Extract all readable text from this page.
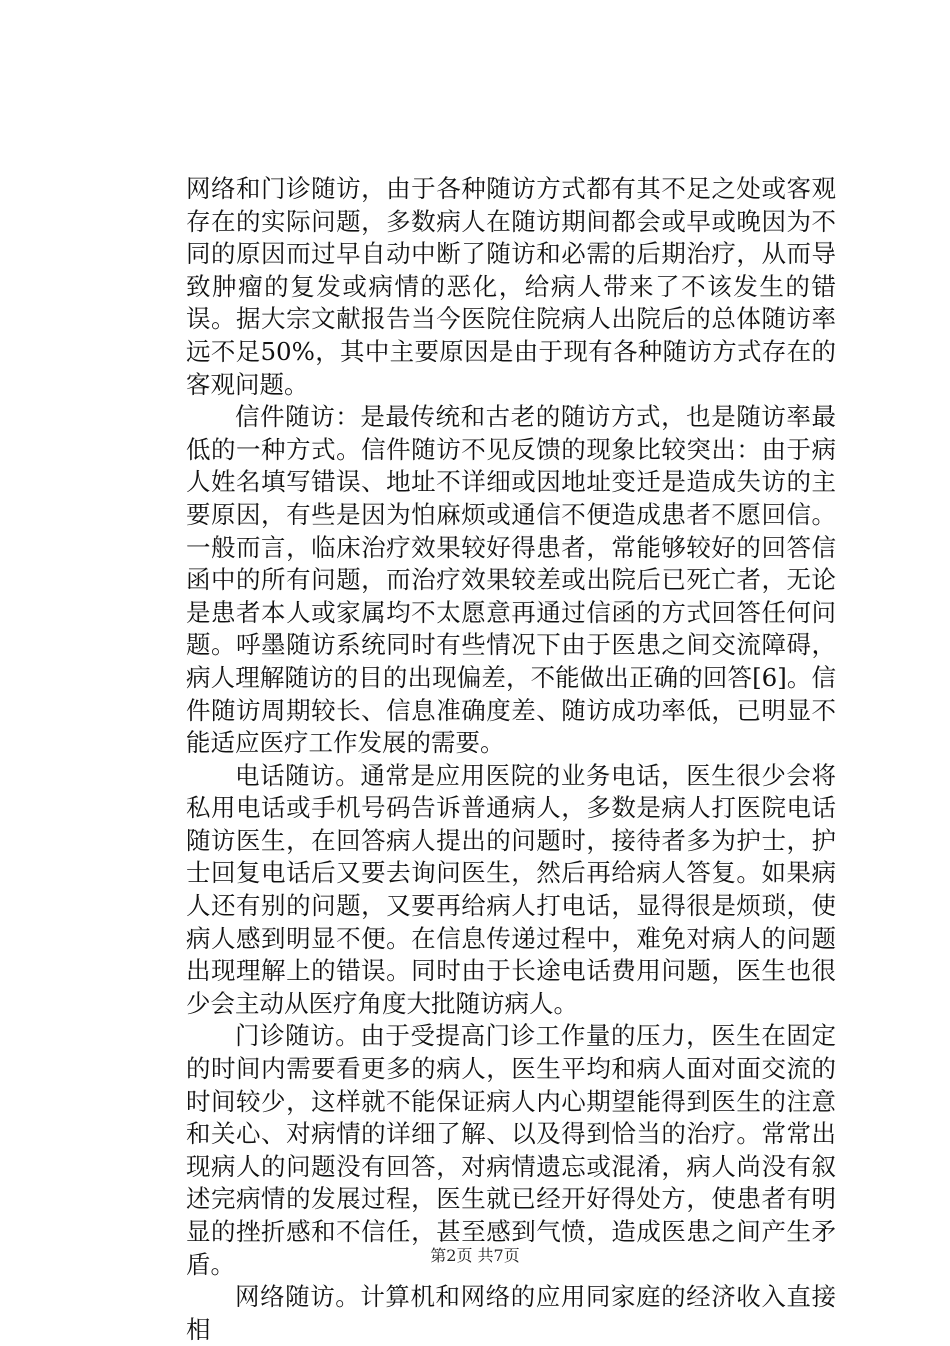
网络和门诊随访，由于各种随访方式都有其不足之处或客观存在的实际问题，多数病人在随访期间都会或早或晚因为不同的原因而过早自动中断了随访和必需的后期治疗，从而导致肿瘤的复发或病情的恶化，给病人带来了不该发生的错误。据大宗文献报告当今医院住院病人出院后的总体随访率远不足50%，其中主要原因是由于现有各种随访方式存在的客观问题。

信件随访：是最传统和古老的随访方式，也是随访率最低的一种方式。信件随访不见反馈的现象比较突出：由于病人姓名填写错误、地址不详细或因地址变迁是造成失访的主要原因，有些是因为怕麻烦或通信不便造成患者不愿回信。一般而言，临床治疗效果较好得患者，常能够较好的回答信函中的所有问题，而治疗效果较差或出院后已死亡者，无论是患者本人或家属均不太愿意再通过信函的方式回答任何问题。呼墨随访系统同时有些情况下由于医患之间交流障碍，病人理解随访的目的出现偏差，不能做出正确的回答[6]。信件随访周期较长、信息准确度差、随访成功率低，已明显不能适应医疗工作发展的需要。

电话随访。通常是应用医院的业务电话，医生很少会将私用电话或手机号码告诉普通病人，多数是病人打医院电话随访医生，在回答病人提出的问题时，接待者多为护士，护士回复电话后又要去询问医生，然后再给病人答复。如果病人还有别的问题，又要再给病人打电话，显得很是烦琐，使病人感到明显不便。在信息传递过程中，难免对病人的问题出现理解上的错误。同时由于长途电话费用问题，医生也很少会主动从医疗角度大批随访病人。

门诊随访。由于受提高门诊工作量的压力，医生在固定的时间内需要看更多的病人，医生平均和病人面对面交流的时间较少，这样就不能保证病人内心期望能得到医生的注意和关心、对病情的详细了解、以及得到恰当的治疗。常常出现病人的问题没有回答，对病情遗忘或混淆，病人尚没有叙述完病情的发展过程，医生就已经开好得处方，使患者有明显的挫折感和不信任，甚至感到气愤，造成医患之间产生矛盾。

网络随访。计算机和网络的应用同家庭的经济收入直接相

第2页 共7页
